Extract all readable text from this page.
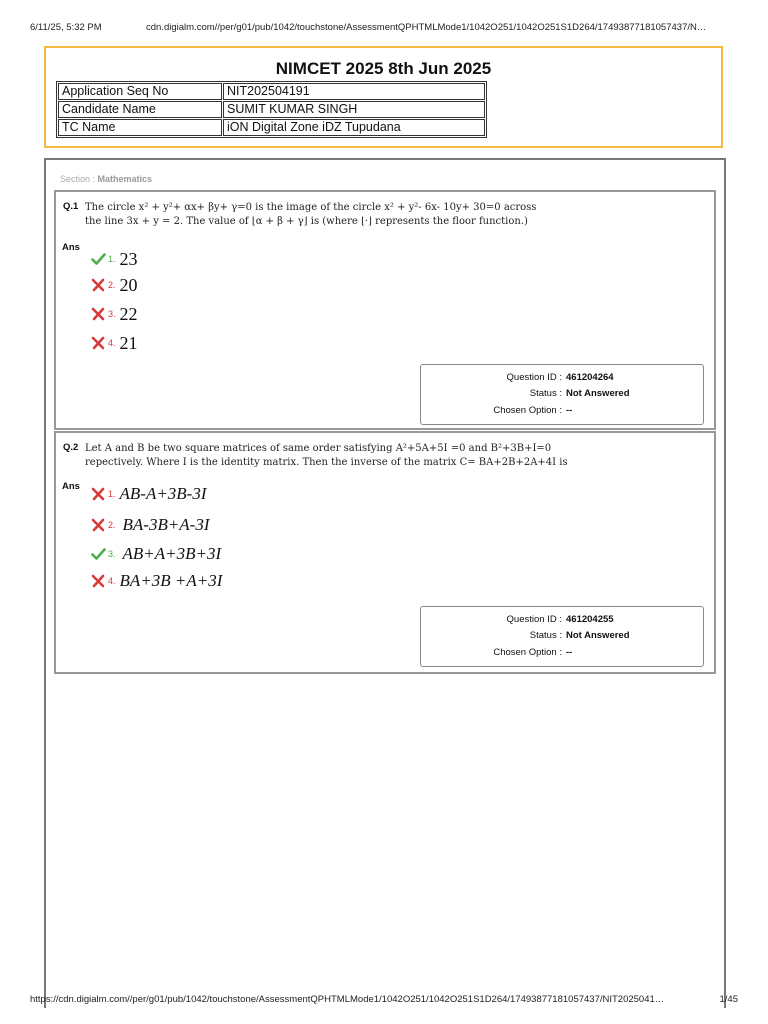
6/11/25, 5:32 PM	cdn.digialm.com//per/g01/pub/1042/touchstone/AssessmentQPHTMLMode1/1042O251/1042O251S1D264/17493877181057437/N…
NIMCET 2025 8th Jun 2025
Application Seq No	NIT202504191
Candidate Name	SUMIT KUMAR SINGH
TC Name	iON Digital Zone iDZ Tupudana
Section : Mathematics
Q.1 The circle x² + y²+ αx+ βy+ γ=0 is the image of the circle x² + y²- 6x- 10y+ 30=0 across
the line 3x + y = 2. The value of ⌊α + β + γ⌋ is (where ⌊·⌋ represents the floor function.)
Ans
1. 23
2. 20
3. 22
4. 21
Question ID : 461204264
Status : Not Answered
Chosen Option : --
Q.2 Let A and B be two square matrices of same order satisfying A²+5A+5I =0 and B²+3B+I=0
repectively. Where I is the identity matrix. Then the inverse of the matrix C= BA+2B+2A+4I is
Ans
1. AB-A+3B-3I
2. BA-3B+A-3I
3. AB+A+3B+3I
4. BA+3B +A+3I
Question ID : 461204255
Status : Not Answered
Chosen Option : --
https://cdn.digialm.com//per/g01/pub/1042/touchstone/AssessmentQPHTMLMode1/1042O251/1042O251S1D264/17493877181057437/NIT2025041…	1/45
